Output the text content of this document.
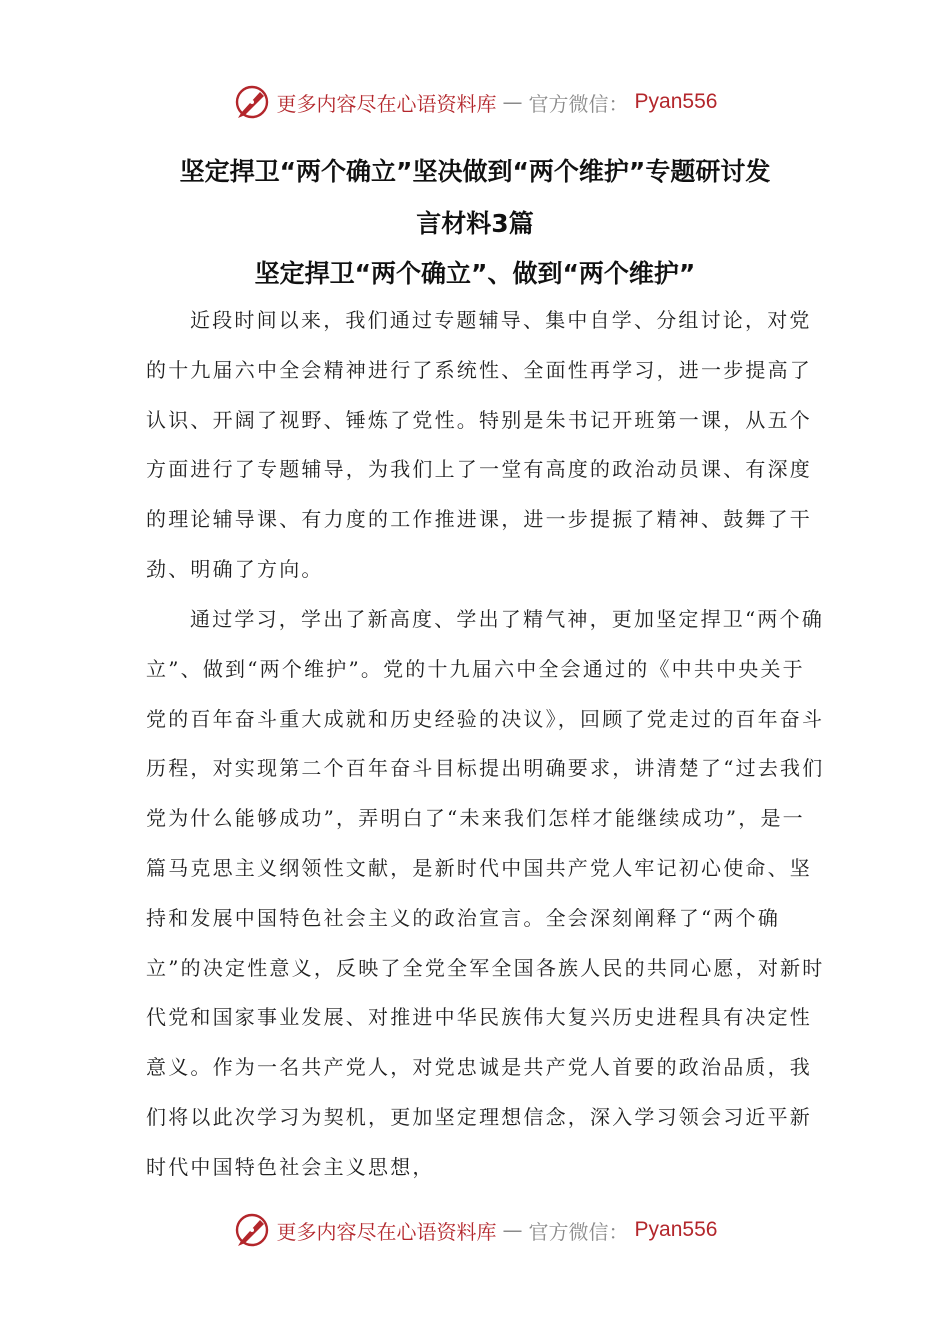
更多内容尽在心语资料库 — 官方微信： Pyan556
坚定捍卫“两个确立”坚决做到“两个维护”专题研讨发
言材料3篇
坚定捍卫“两个确立”、做到“两个维护”

近段时间以来，我们通过专题辅导、集中自学、分组讨论，对党的十九届六中全会精神进行了系统性、全面性再学习，进一步提高了认识、开阔了视野、锤炼了党性。特别是朱书记开班第一课，从五个方面进行了专题辅导，为我们上了一堂有高度的政治动员课、有深度的理论辅导课、有力度的工作推进课，进一步提振了精神、鼓舞了干劲、明确了方向。

通过学习，学出了新高度、学出了精气神，更加坚定捍卫“两个确立”、做到“两个维护”。党的十九届六中全会通过的《中共中央关于党的百年奋斗重大成就和历史经验的决议》，回顾了党走过的百年奋斗历程，对实现第二个百年奋斗目标提出明确要求，讲清楚了“过去我们党为什么能够成功”，弄明白了“未来我们怎样才能继续成功”，是一篇马克思主义纲领性文献，是新时代中国共产党人牢记初心使命、坚持和发展中国特色社会主义的政治宣言。全会深刻阐释了“两个确立”的决定性意义，反映了全党全军全国各族人民的共同心愿，对新时代党和国家事业发展、对推进中华民族伟大复兴历史进程具有决定性意义。作为一名共产党人，对党忠诚是共产党人首要的政治品质，我们将以此次学习为契机，更加坚定理想信念，深入学习领会习近平新时代中国特色社会主义思想，

更多内容尽在心语资料库 — 官方微信： Pyan556
